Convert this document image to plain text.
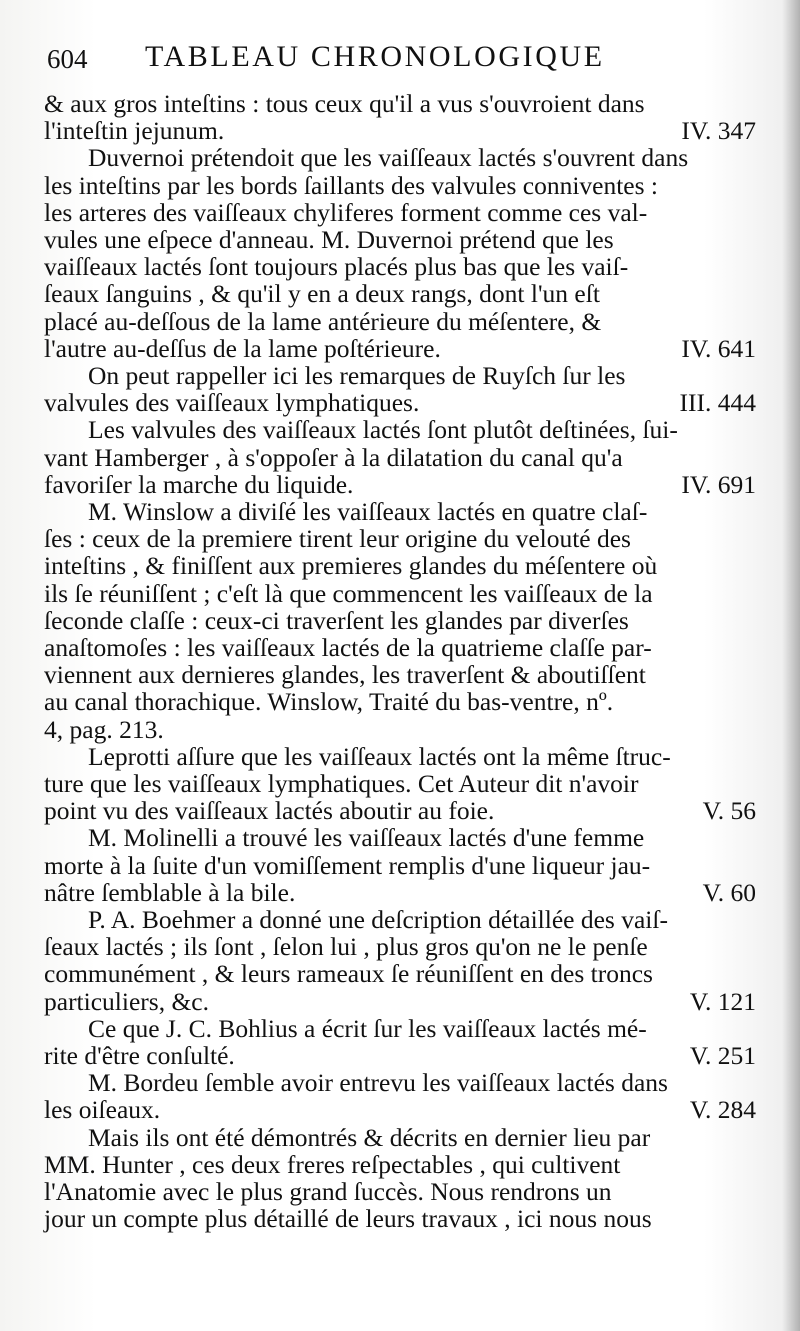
604 TABLEAU CHRONOLOGIQUE
& aux gros inteſtins : tous ceux qu'il a vus s'ouvroient dans
l'inteſtin jejunum.	IV. 347
Duvernoi prétendoit que les vaiſſeaux lactés s'ouvrent dans
les inteſtins par les bords ſaillants des valvules conniventes :
les arteres des vaiſſeaux chyliferes forment comme ces val-
vules une eſpece d'anneau. M. Duvernoi prétend que les
vaiſſeaux lactés ſont toujours placés plus bas que les vaiſ-
ſeaux ſanguins , & qu'il y en a deux rangs, dont l'un eſt
placé au-deſſous de la lame antérieure du méſentere, &
l'autre au-deſſus de la lame poſtérieure.	IV. 641
On peut rappeller ici les remarques de Ruyſch ſur les
valvules des vaiſſeaux lymphatiques.	III. 444
Les valvules des vaiſſeaux lactés ſont plutôt deſtinées, ſui-
vant Hamberger , à s'oppoſer à la dilatation du canal qu'a
favoriſer la marche du liquide.	IV. 691
M. Winslow a diviſé les vaiſſeaux lactés en quatre claſ-
ſes : ceux de la premiere tirent leur origine du velouté des
inteſtins , & finiſſent aux premieres glandes du méſentere où
ils ſe réuniſſent ; c'eſt là que commencent les vaiſſeaux de la
ſeconde claſſe : ceux-ci traverſent les glandes par diverſes
anaſtomoſes : les vaiſſeaux lactés de la quatrieme claſſe par-
viennent aux dernieres glandes, les traverſent & aboutiſſent
au canal thorachique. Winslow, Traité du bas-ventre, nº.
4, pag. 213.
Leprotti aſſure que les vaiſſeaux lactés ont la même ſtruc-
ture que les vaiſſeaux lymphatiques. Cet Auteur dit n'avoir
point vu des vaiſſeaux lactés aboutir au foie.	V. 56
M. Molinelli a trouvé les vaiſſeaux lactés d'une femme
morte à la ſuite d'un vomiſſement remplis d'une liqueur jau-
nâtre ſemblable à la bile.	V. 60
P. A. Boehmer a donné une deſcription détaillée des vaiſ-
ſeaux lactés ; ils ſont , ſelon lui , plus gros qu'on ne le penſe
communément , & leurs rameaux ſe réuniſſent en des troncs
particuliers, &c.	V. 121
Ce que J. C. Bohlius a écrit ſur les vaiſſeaux lactés mé-
rite d'être conſulté.	V. 251
M. Bordeu ſemble avoir entrevu les vaiſſeaux lactés dans
les oiſeaux.	V. 284
Mais ils ont été démontrés & décrits en dernier lieu par
MM. Hunter , ces deux freres reſpectables , qui cultivent
l'Anatomie avec le plus grand ſuccès. Nous rendrons un
jour un compte plus détaillé de leurs travaux , ici nous nous
